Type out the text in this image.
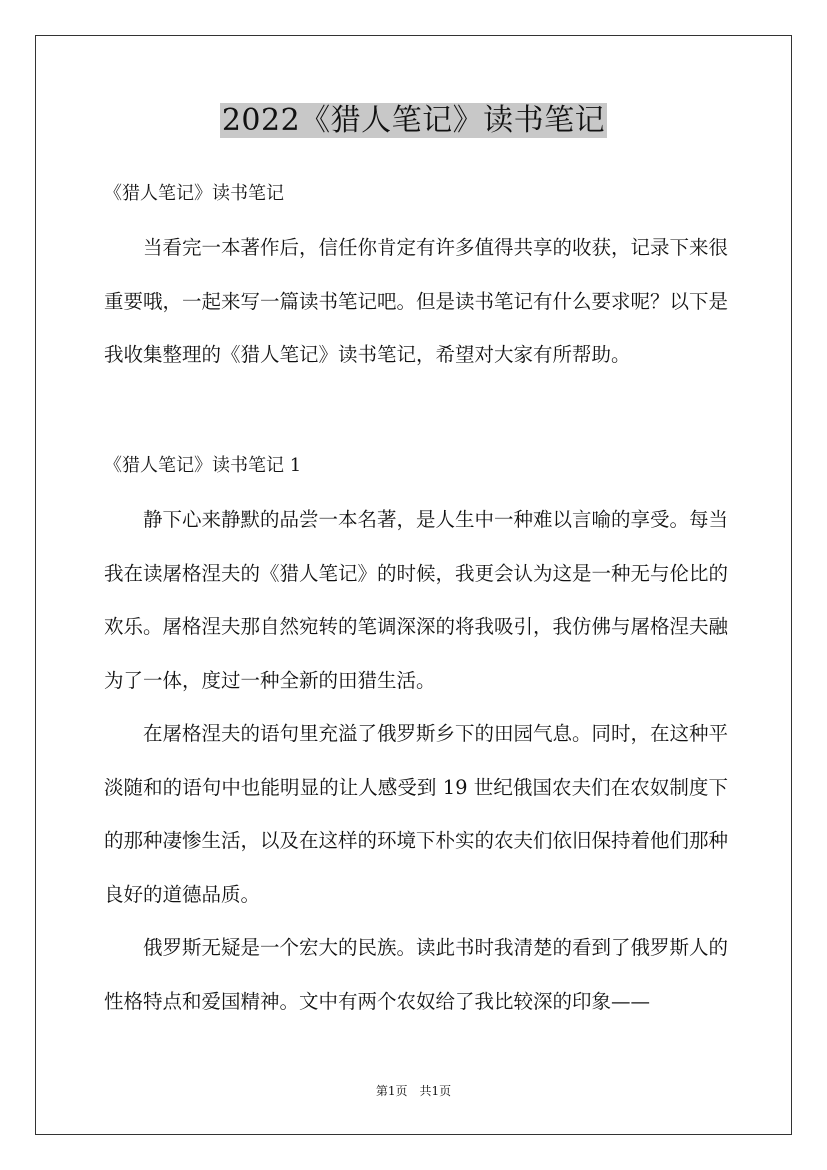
2022《猎人笔记》读书笔记
《猎人笔记》读书笔记

当看完一本著作后，信任你肯定有许多值得共享的收获，记录下来很重要哦，一起来写一篇读书笔记吧。但是读书笔记有什么要求呢？以下是我收集整理的《猎人笔记》读书笔记，希望对大家有所帮助。

《猎人笔记》读书笔记 1

静下心来静默的品尝一本名著，是人生中一种难以言喻的享受。每当我在读屠格涅夫的《猎人笔记》的时候，我更会认为这是一种无与伦比的欢乐。屠格涅夫那自然宛转的笔调深深的将我吸引，我仿佛与屠格涅夫融为了一体，度过一种全新的田猎生活。

在屠格涅夫的语句里充溢了俄罗斯乡下的田园气息。同时，在这种平淡随和的语句中也能明显的让人感受到 19 世纪俄国农夫们在农奴制度下的那种凄惨生活，以及在这样的环境下朴实的农夫们依旧保持着他们那种良好的道德品质。

俄罗斯无疑是一个宏大的民族。读此书时我清楚的看到了俄罗斯人的性格特点和爱国精神。文中有两个农奴给了我比较深的印象——

第1页　共1页
